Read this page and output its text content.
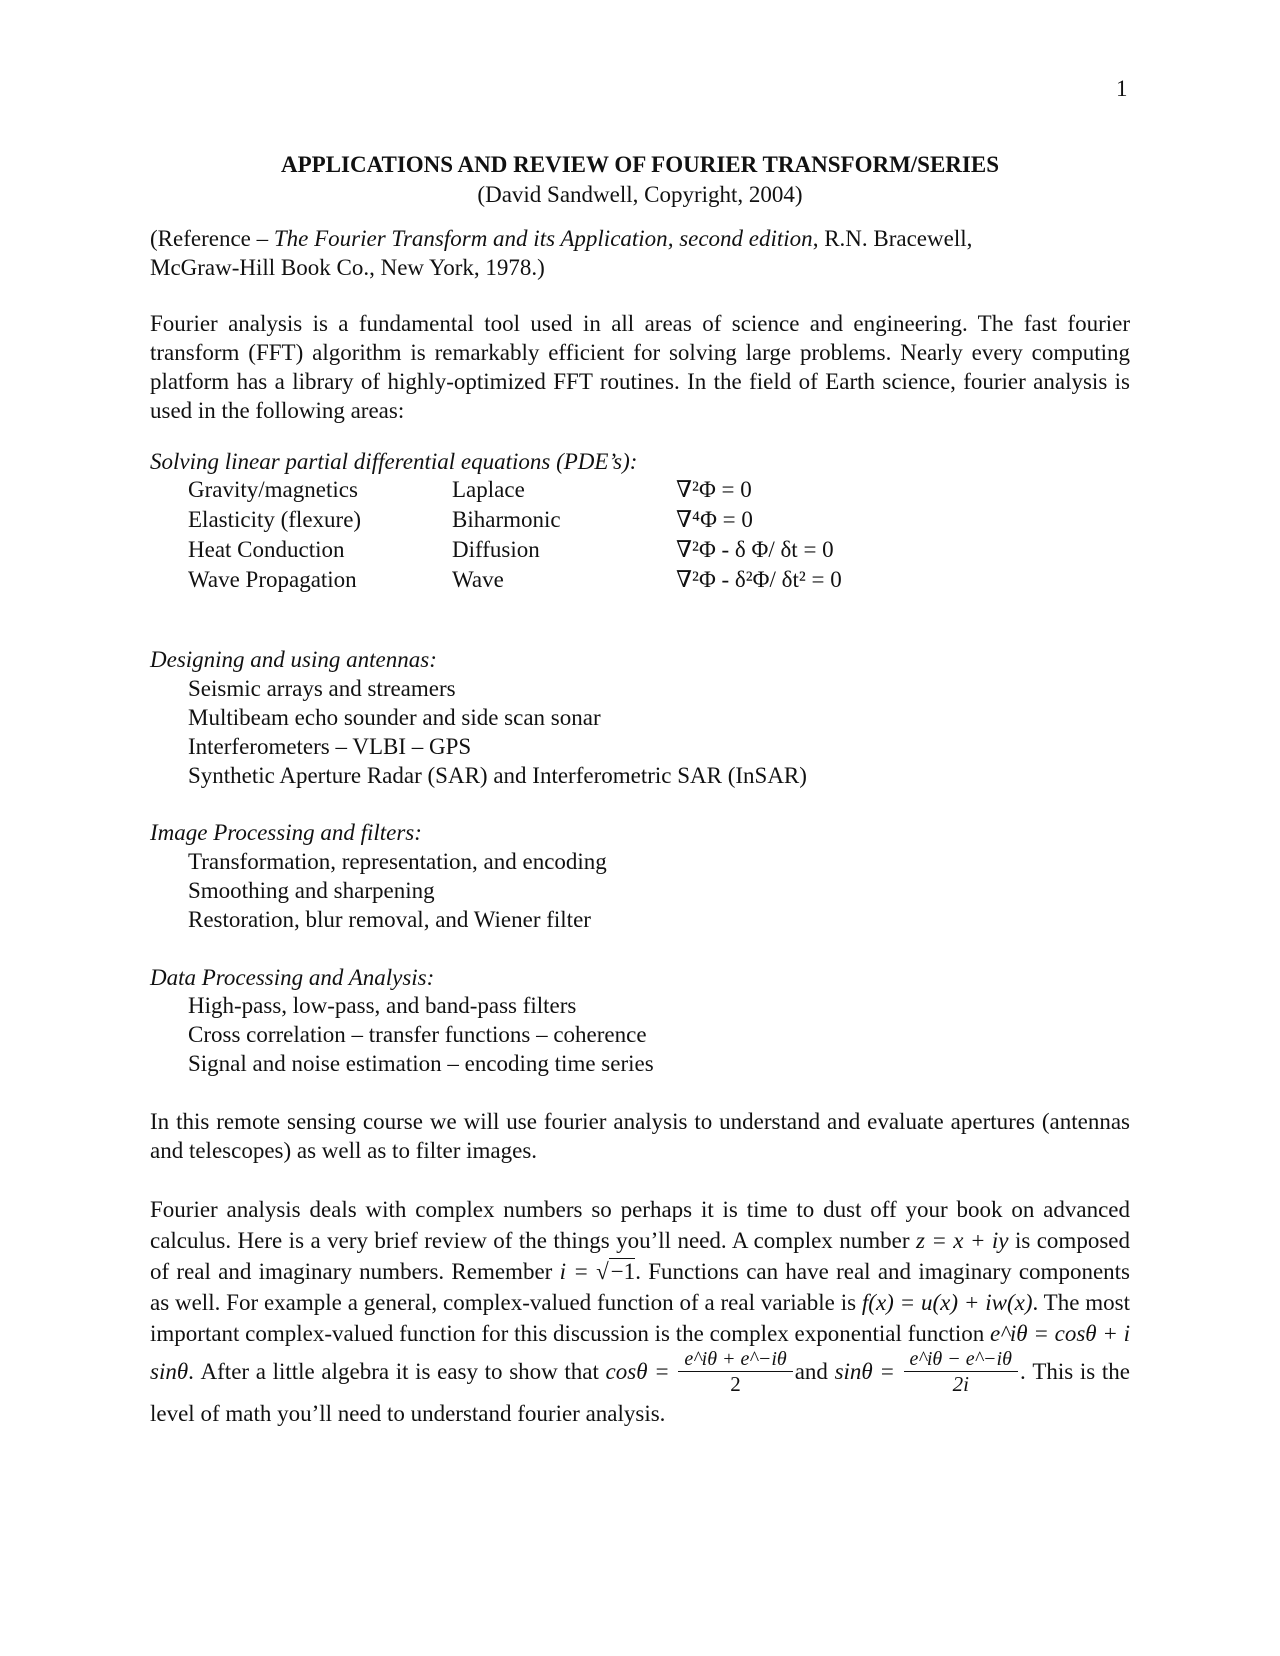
1
APPLICATIONS AND REVIEW OF FOURIER TRANSFORM/SERIES
(David Sandwell, Copyright, 2004)

(Reference – The Fourier Transform and its Application, second edition, R.N. Bracewell,

McGraw-Hill Book Co., New York, 1978.)

Fourier analysis is a fundamental tool used in all areas of science and engineering. The fast fourier transform (FFT) algorithm is remarkably efficient for solving large problems. Nearly every computing platform has a library of highly-optimized FFT routines. In the field of Earth science, fourier analysis is used in the following areas:

Solving linear partial differential equations (PDE’s):
Gravity/magnetics	Laplace	∇²Φ = 0
Elasticity (flexure)	Biharmonic	∇⁴Φ = 0
Heat Conduction	Diffusion	∇²Φ - δ Φ/ δt = 0
Wave Propagation	Wave	∇²Φ - δ²Φ/ δt² = 0
Designing and using antennas:
Seismic arrays and streamers
Multibeam echo sounder and side scan sonar
Interferometers – VLBI – GPS
Synthetic Aperture Radar (SAR) and Interferometric SAR (InSAR)
Image Processing and filters:
Transformation, representation, and encoding
Smoothing and sharpening
Restoration, blur removal, and Wiener filter
Data Processing and Analysis:
High-pass, low-pass, and band-pass filters
Cross correlation – transfer functions – coherence
Signal and noise estimation – encoding time series

In this remote sensing course we will use fourier analysis to understand and evaluate apertures (antennas and telescopes) as well as to filter images.

Fourier analysis deals with complex numbers so perhaps it is time to dust off your book on advanced calculus. Here is a very brief review of the things you’ll need. A complex number z = x + iy is composed of real and imaginary numbers. Remember i = √−1. Functions can have real and imaginary components as well. For example a general, complex-valued function of a real variable is f(x) = u(x) + iw(x). The most important complex-valued function for this discussion is the complex exponential function e^iθ = cosθ + i sinθ. After a little algebra it is easy to show that $\cos\theta = \frac{e\^{}i\theta + e\^{}-i\theta}{2}$ and $\sin\theta = \frac{e\^{}i\theta - e\^{}-i\theta}{2i}$ . This is the level of math you’ll need to understand fourier analysis.
